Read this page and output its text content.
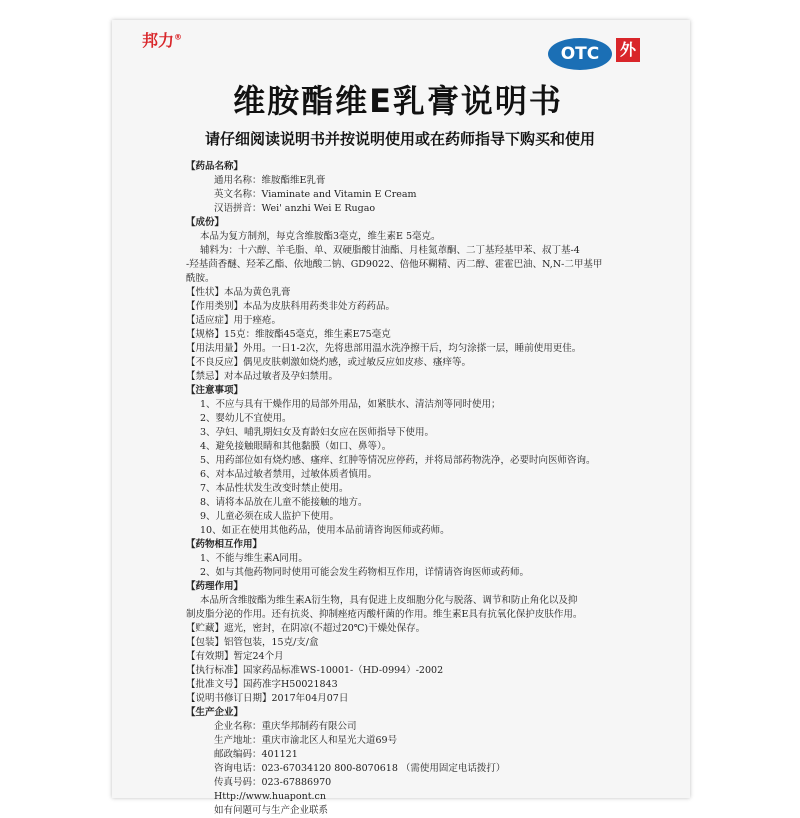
邦力®
OTC	外
维胺酯维E乳膏说明书
请仔细阅读说明书并按说明使用或在药师指导下购买和使用
【药品名称】
通用名称：维胺酯维E乳膏
英文名称：Viaminate and Vitamin E Cream
汉语拼音：Wei' anzhi Wei E Rugao
【成份】
本品为复方制剂，每克含维胺酯3毫克，维生素E 5毫克。
辅料为：十六醇、羊毛脂、单、双硬脂酸甘油酯、月桂氮䓬酮、二丁基羟基甲苯、叔丁基-4
-羟基茴香醚、羟苯乙酯、依地酸二钠、GD9022、倍他环糊精、丙二醇、霍霍巴油、N,N-二甲基甲
酰胺。
【性状】本品为黄色乳膏
【作用类别】本品为皮肤科用药类非处方药药品。
【适应症】用于痤疮。
【规格】15克：维胺酯45毫克，维生素E75毫克
【用法用量】外用。一日1-2次，先将患部用温水洗净擦干后，均匀涂搽一层，睡前使用更佳。
【不良反应】偶见皮肤刺激如烧灼感，或过敏反应如皮疹、瘙痒等。
【禁忌】对本品过敏者及孕妇禁用。
【注意事项】
1、不应与具有干燥作用的局部外用品，如紧肤水、清洁剂等同时使用；
2、婴幼儿不宜使用。
3、孕妇、哺乳期妇女及育龄妇女应在医师指导下使用。
4、避免接触眼睛和其他黏膜（如口、鼻等）。
5、用药部位如有烧灼感、瘙痒、红肿等情况应停药，并将局部药物洗净，必要时向医师咨询。
6、对本品过敏者禁用，过敏体质者慎用。
7、本品性状发生改变时禁止使用。
8、请将本品放在儿童不能接触的地方。
9、儿童必须在成人监护下使用。
10、如正在使用其他药品，使用本品前请咨询医师或药师。
【药物相互作用】
1、不能与维生素A同用。
2、如与其他药物同时使用可能会发生药物相互作用，详情请咨询医师或药师。
【药理作用】
本品所含维胺酯为维生素A衍生物，具有促进上皮细胞分化与脱落、调节和防止角化以及抑
制皮脂分泌的作用。还有抗炎、抑制痤疮丙酸杆菌的作用。维生素E具有抗氧化保护皮肤作用。
【贮藏】遮光，密封，在阴凉(不超过20℃)干燥处保存。
【包装】铝管包装，15克/支/盒
【有效期】暂定24个月
【执行标准】国家药品标准WS-10001-（HD-0994）-2002
【批准文号】国药准字H50021843
【说明书修订日期】2017年04月07日
【生产企业】
企业名称：重庆华邦制药有限公司
生产地址：重庆市渝北区人和星光大道69号
邮政编码：401121
咨询电话：023-67034120 800-8070618 （需使用固定电话拨打）
传真号码：023-67886970
Http://www.huapont.cn
如有问题可与生产企业联系
